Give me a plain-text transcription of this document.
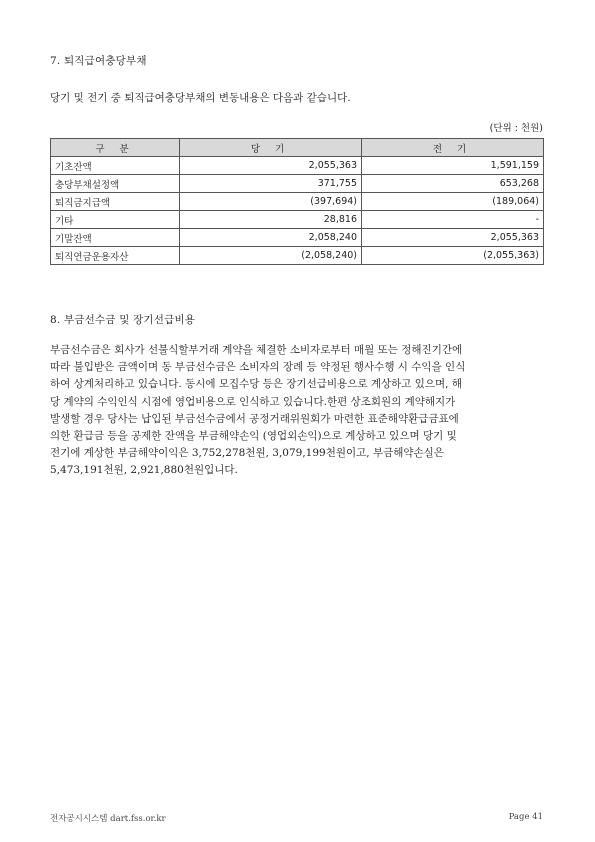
7. 퇴직급여충당부채
당기 및 전기 중 퇴직급여충당부채의 변동내용은 다음과 같습니다.
(단위 : 천원)
구 분	당 기	전 기
기초잔액	2,055,363	1,591,159
충당부채설정액	371,755	653,268
퇴직금지급액	(397,694)	(189,064)
기타	28,816	-
기말잔액	2,058,240	2,055,363
퇴직연금운용자산	(2,058,240)	(2,055,363)
8. 부금선수금 및 장기선급비용
부금선수금은 회사가 선불식할부거래 계약을 체결한 소비자로부터 매월 또는 정해진기간에
따라 불입받은 금액이며 동 부금선수금은 소비자의 장례 등 약정된 행사수행 시 수익을 인식
하여 상계처리하고 있습니다. 동시에 모집수당 등은 장기선급비용으로 계상하고 있으며, 해
당 계약의 수익인식 시점에 영업비용으로 인식하고 있습니다.한편 상조회원의 계약해지가
발생할 경우 당사는 납입된 부금선수금에서 공정거래위원회가 마련한 표준해약환급금표에
의한 환급금 등을 공제한 잔액을 부금해약손익 (영업외손익)으로 계상하고 있으며 당기 및
전기에 계상한 부금해약이익은 3,752,278천원, 3,079,199천원이고, 부금해약손실은
5,473,191천원, 2,921,880천원입니다.
전자공시시스템 dart.fss.or.kr	Page 41
